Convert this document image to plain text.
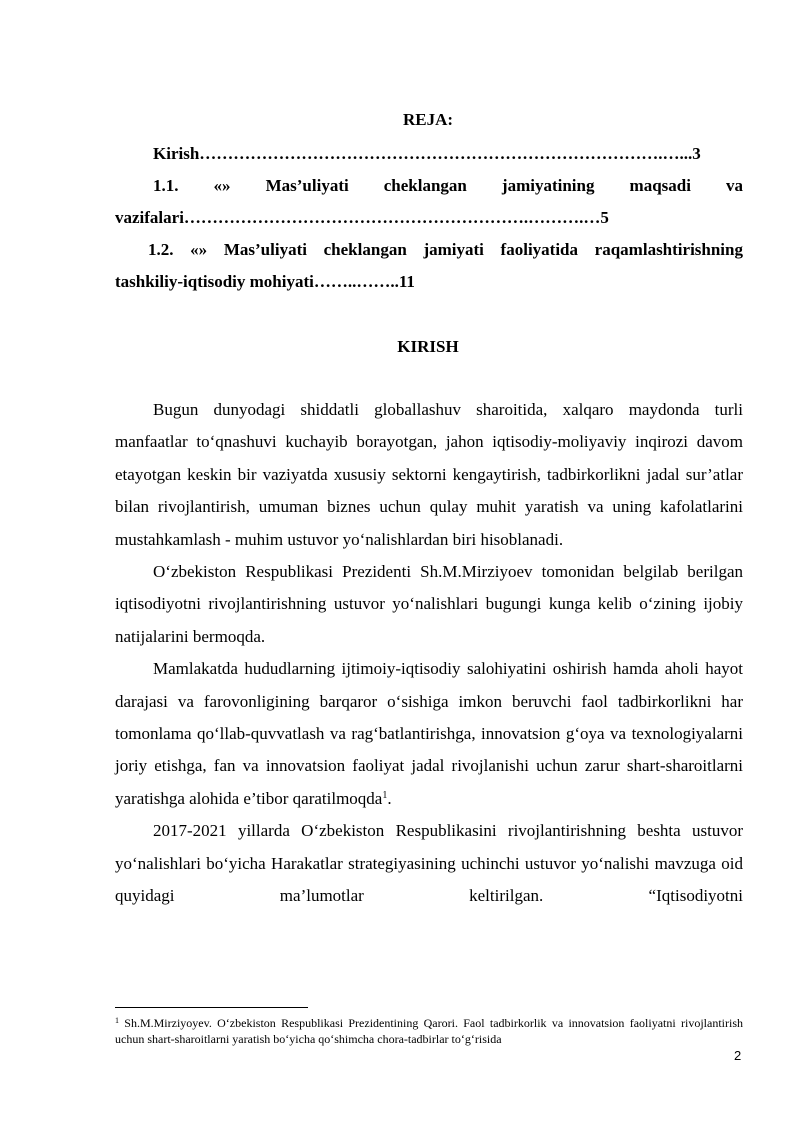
REJA:
Kirish……………………………………………………………………….…...3
1.1. «» Mas’uliyati cheklangan jamiyatining maqsadi va
vazifalari…………………………………………………….……….…5
1.2. «» Mas’uliyati cheklangan jamiyati faoliyatida raqamlashtirishning
tashkiliy-iqtisodiy mohiyati……..……..11
KIRISH

Bugun dunyodagi shiddatli globallashuv sharoitida, xalqaro maydonda turli manfaatlar to‘qnashuvi kuchayib borayotgan, jahon iqtisodiy-moliyaviy inqirozi davom etayotgan keskin bir vaziyatda xususiy sektorni kengaytirish, tadbirkorlikni jadal sur’atlar bilan rivojlantirish, umuman biznes uchun qulay muhit yaratish va uning kafolatlarini mustahkamlash - muhim ustuvor yo‘nalishlardan biri hisoblanadi.

O‘zbekiston Respublikasi Prezidenti Sh.M.Mirziyoev tomonidan belgilab berilgan iqtisodiyotni rivojlantirishning ustuvor yo‘nalishlari bugungi kunga kelib o‘zining ijobiy natijalarini bermoqda.

Mamlakatda hududlarning ijtimoiy-iqtisodiy salohiyatini oshirish hamda aholi hayot darajasi va farovonligining barqaror o‘sishiga imkon beruvchi faol tadbirkorlikni har tomonlama qo‘llab-quvvatlash va rag‘batlantirishga, innovatsion g‘oya va texnologiyalarni joriy etishga, fan va innovatsion faoliyat jadal rivojlanishi uchun zarur shart-sharoitlarni yaratishga alohida e’tibor qaratilmoqda$^1$.

2017-2021 yillarda O‘zbekiston Respublikasini rivojlantirishning beshta ustuvor yo‘nalishlari bo‘yicha Harakatlar strategiyasining uchinchi ustuvor yo‘nalishi mavzuga oid quyidagi ma’lumotlar keltirilgan. “Iqtisodiyotni

$^1$ Sh.M.Mirziyoyev. O‘zbekiston Respublikasi Prezidentining Qarori. Faol tadbirkorlik va innovatsion faoliyatni rivojlantirish uchun shart-sharoitlarni yaratish bo‘yicha qo‘shimcha chora-tadbirlar to‘g‘risida
2
